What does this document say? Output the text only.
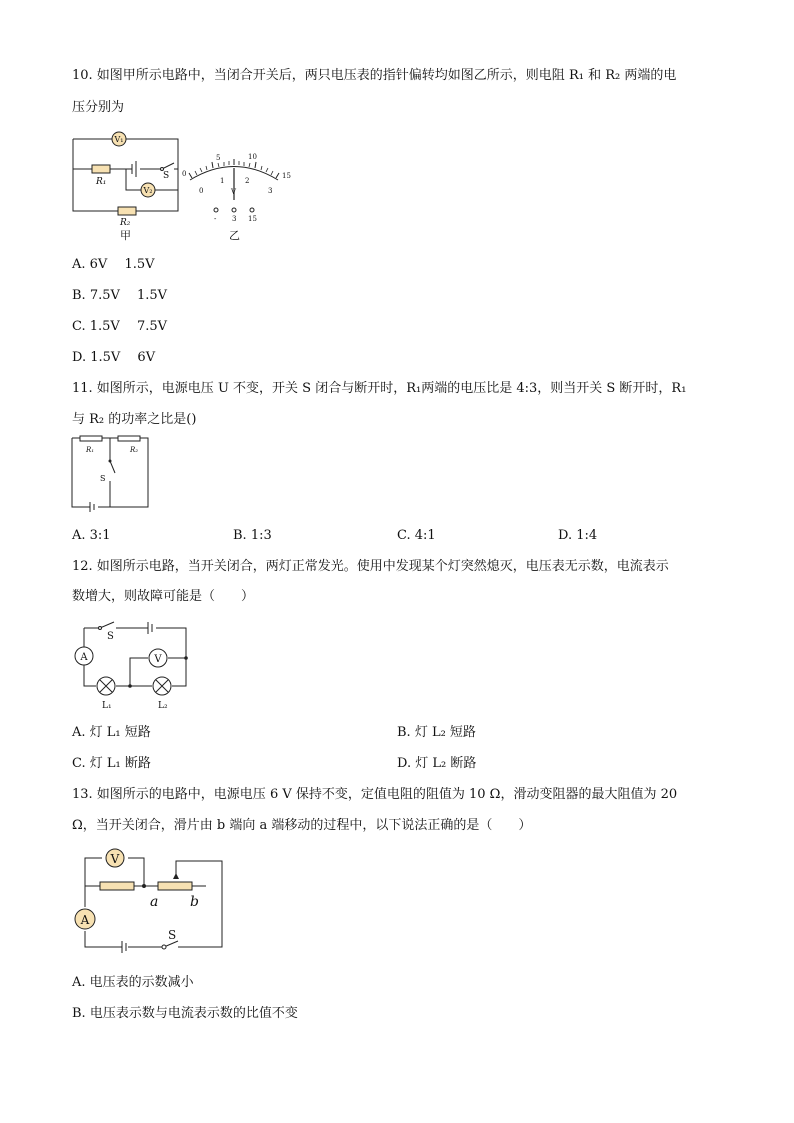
10. 如图甲所示电路中，当闭合开关后，两只电压表的指针偏转均如图乙所示，则电阻 R₁ 和 R₂ 两端的电
压分别为
V₁
V₂
R₁
R₂
S
甲
0
5	10
15
0
1	2
3
V
- 3 15
乙
A. 6V　 1.5V
B. 7.5V　 1.5V
C. 1.5V　 7.5V
D. 1.5V　 6V
11. 如图所示，电源电压 U 不变，开关 S 闭合与断开时，R₁两端的电压比是 4:3，则当开关 S 断开时，R₁
与 R₂ 的功率之比是()
R₁	R₂
S
A. 3:1	B. 1:3	C. 4:1	D. 1:4
12. 如图所示电路，当开关闭合，两灯正常发光。使用中发现某个灯突然熄灭，电压表无示数，电流表示
数增大，则故障可能是（　　）
S
A	V
L₁	L₂
A. 灯 L₁ 短路	B. 灯 L₂ 短路
C. 灯 L₁ 断路	D. 灯 L₂ 断路
13. 如图所示的电路中，电源电压 6 V 保持不变，定值电阻的阻值为 10 Ω，滑动变阻器的最大阻值为 20
Ω，当开关闭合，滑片由 b 端向 a 端移动的过程中，以下说法正确的是（　　）
V
A
S
a b
A. 电压表的示数减小
B. 电压表示数与电流表示数的比值不变
